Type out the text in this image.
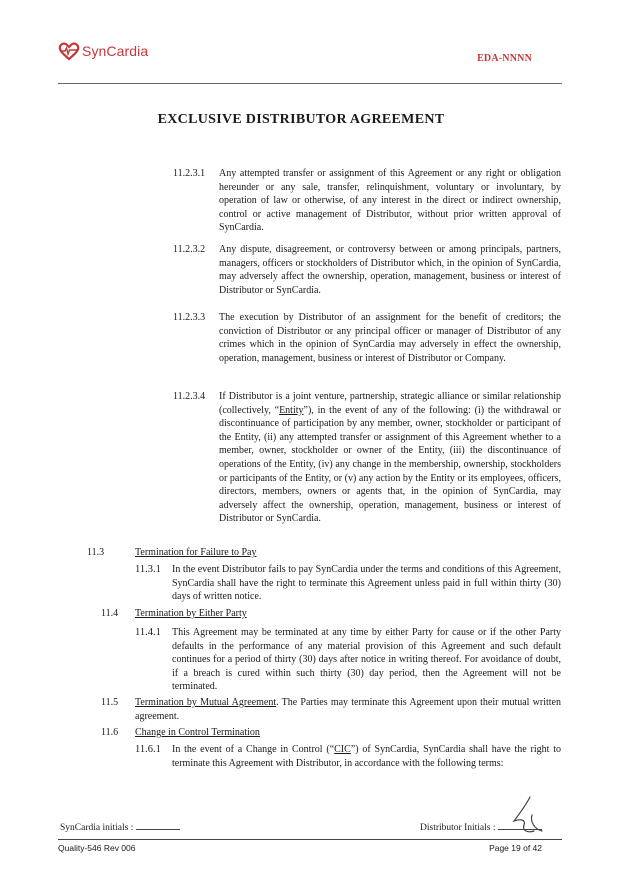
SynCardia	EDA-NNNN
EXCLUSIVE DISTRIBUTOR AGREEMENT
11.2.3.1 Any attempted transfer or assignment of this Agreement or any right or obligation hereunder or any sale, transfer, relinquishment, voluntary or involuntary, by operation of law or otherwise, of any interest in the direct or indirect ownership, control or active management of Distributor, without prior written approval of SynCardia.
11.2.3.2 Any dispute, disagreement, or controversy between or among principals, partners, managers, officers or stockholders of Distributor which, in the opinion of SynCardia, may adversely affect the ownership, operation, management, business or interest of Distributor or SynCardia.
11.2.3.3 The execution by Distributor of an assignment for the benefit of creditors; the conviction of Distributor or any principal officer or manager of Distributor of any crimes which in the opinion of SynCardia may adversely in effect the ownership, operation, management, business or interest of Distributor or Company.
11.2.3.4 If Distributor is a joint venture, partnership, strategic alliance or similar relationship (collectively, “Entity”), in the event of any of the following: (i) the withdrawal or discontinuance of participation by any member, owner, stockholder or participant of the Entity, (ii) any attempted transfer or assignment of this Agreement whether to a member, owner, stockholder or owner of the Entity, (iii) the discontinuance of operations of the Entity, (iv) any change in the membership, ownership, stockholders or participants of the Entity, or (v) any action by the Entity or its employees, officers, directors, members, owners or agents that, in the opinion of SynCardia, may adversely affect the ownership, operation, management, business or interest of Distributor or SynCardia.
11.3	Termination for Failure to Pay
11.3.1 In the event Distributor fails to pay SynCardia under the terms and conditions of this Agreement, SynCardia shall have the right to terminate this Agreement unless paid in full within thirty (30) days of written notice.
11.4 Termination by Either Party
11.4.1 This Agreement may be terminated at any time by either Party for cause or if the other Party defaults in the performance of any material provision of this Agreement and such default continues for a period of thirty (30) days after notice in writing thereof. For avoidance of doubt, if a breach is cured within such thirty (30) day period, then the Agreement will not be terminated.
11.5 Termination by Mutual Agreement. The Parties may terminate this Agreement upon their mutual written agreement.
11.6 Change in Control Termination
11.6.1 In the event of a Change in Control (“CIC”) of SynCardia, SynCardia shall have the right to terminate this Agreement with Distributor, in accordance with the following terms:
SynCardia initials :	Distributor Initials :
Quality-546 Rev 006	Page 19 of 42
